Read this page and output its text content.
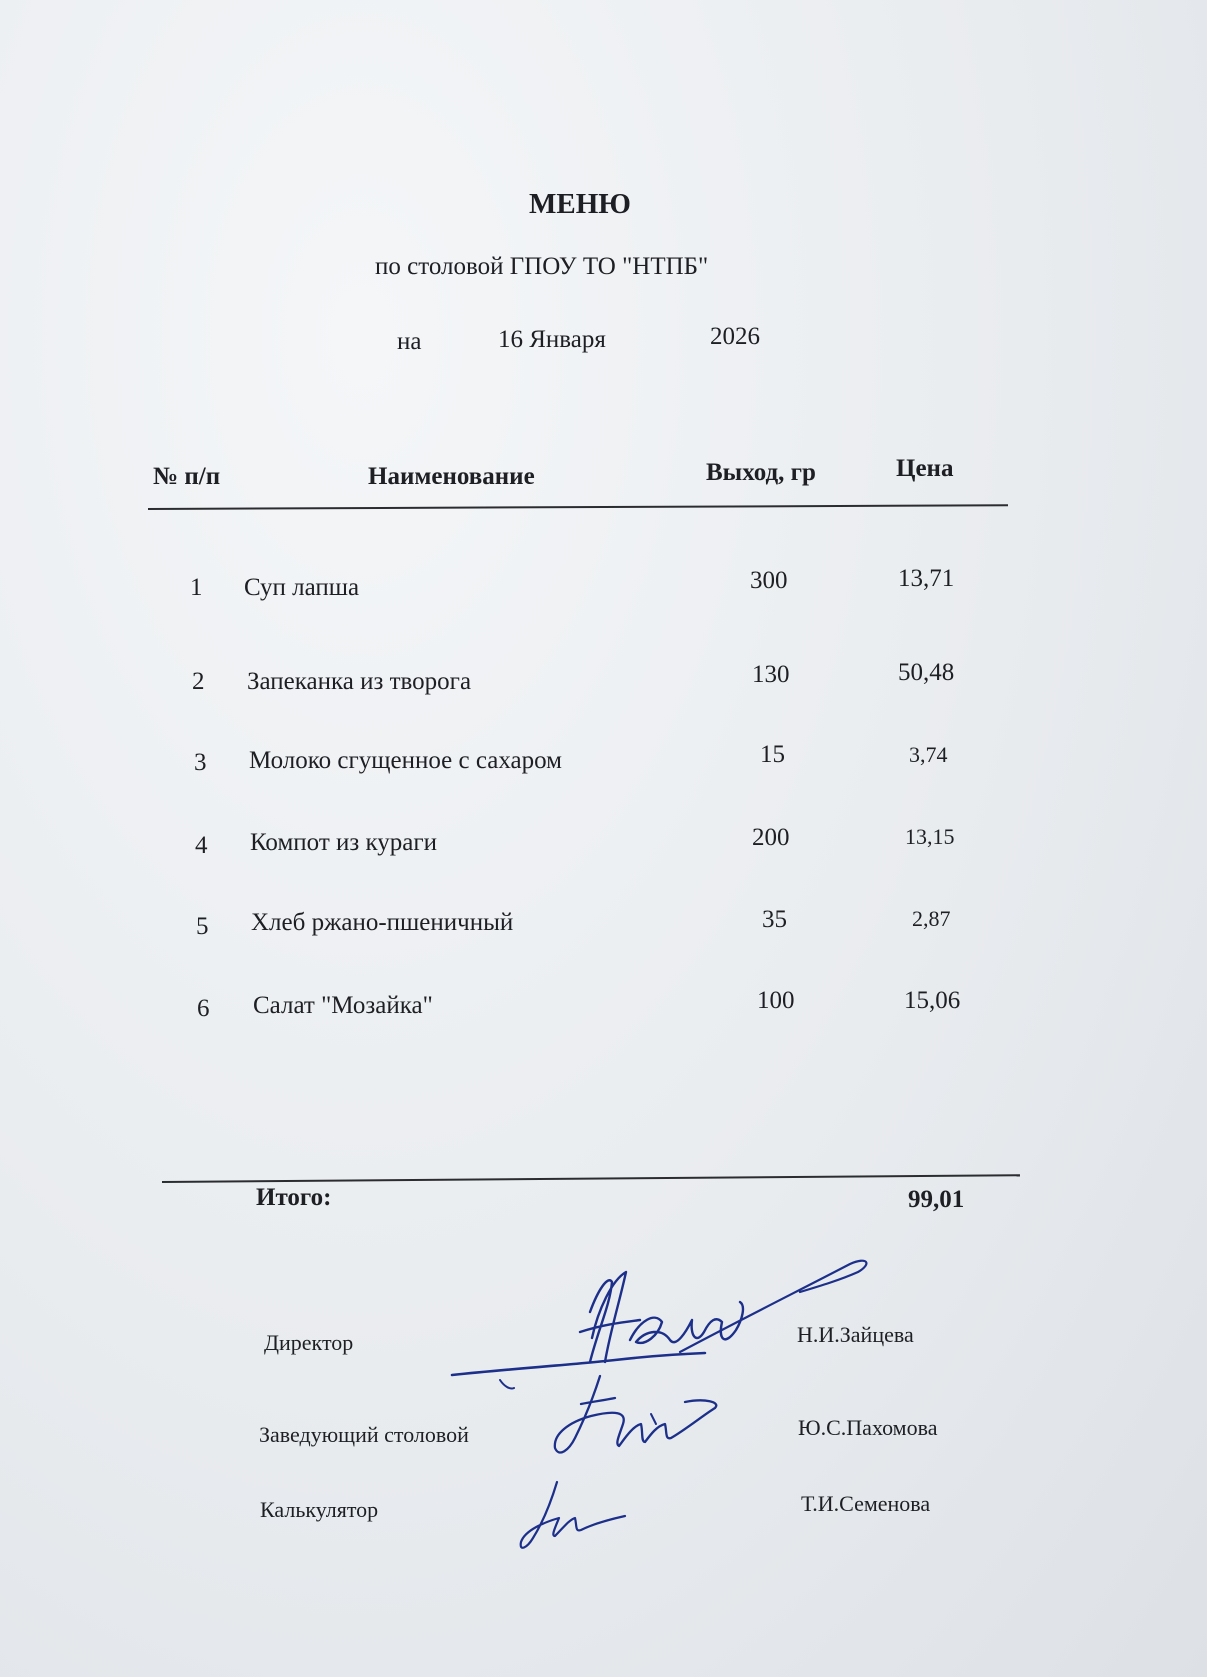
МЕНЮ
по столовой ГПОУ ТО "НТПБ"
на	16 Января	2026
№ п/п	Наименование	Выход, гр	Цена
1 Суп лапша	300	13,71
2 Запеканка из творога	130	50,48
3 Молоко сгущенное с сахаром	15	3,74
4 Компот из кураги	200	13,15
5 Хлеб ржано-пшеничный	35	2,87
6 Салат "Мозайка"	100	15,06
Итого:	99,01
Директор	Н.И.Зайцева
Заведующий столовой	Ю.С.Пахомова
Калькулятор	Т.И.Семенова
